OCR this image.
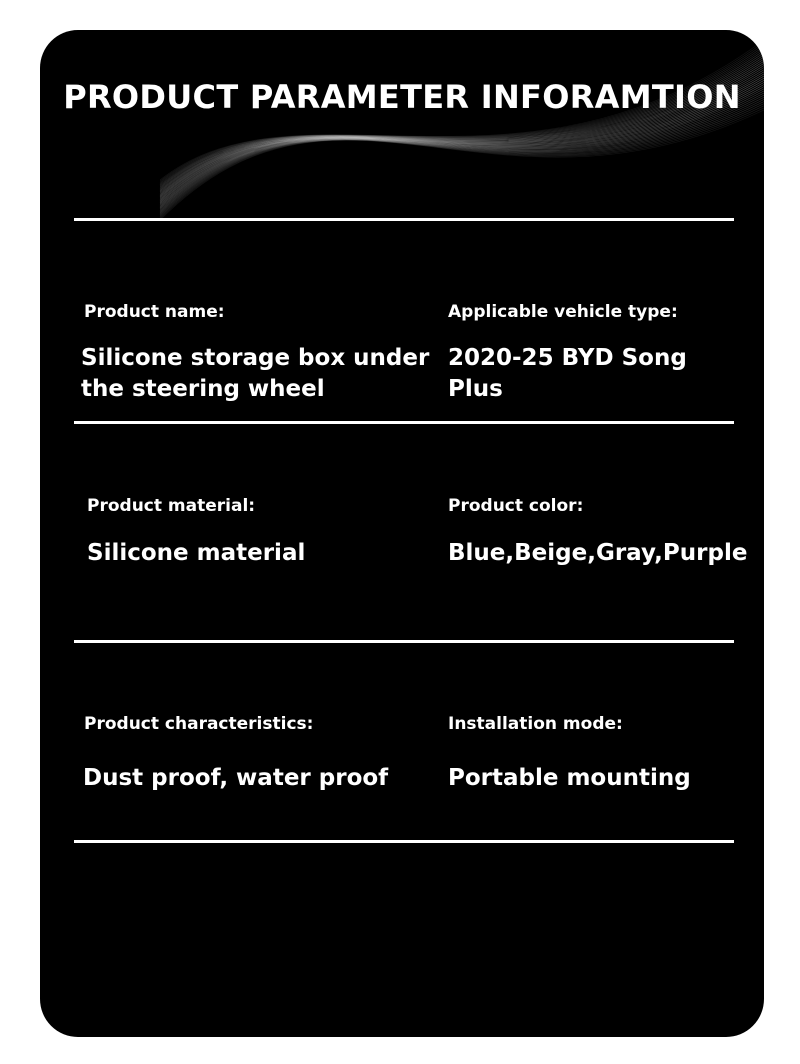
PRODUCT PARAMETER INFORAMTION
Product name:
Silicone storage box under the steering wheel
Applicable vehicle type:
2020-25 BYD Song Plus
Product material:
Silicone material
Product color:
Blue,Beige,Gray,Purple
Product characteristics:
Dust proof, water proof
Installation mode:
Portable mounting
